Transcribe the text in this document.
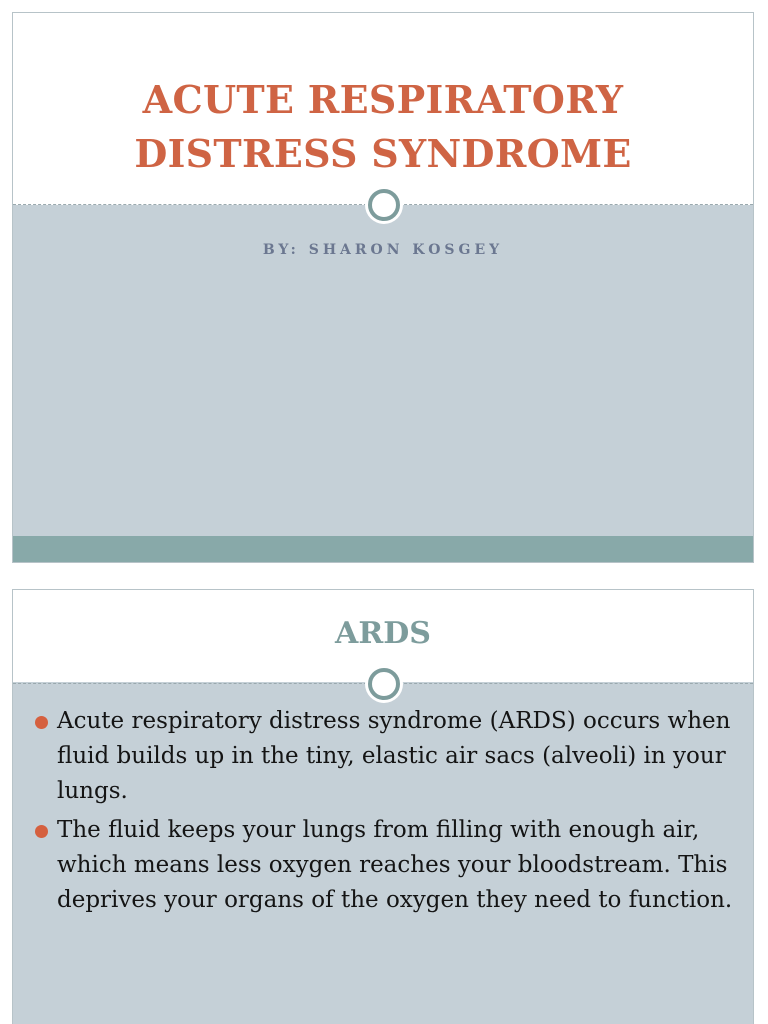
ACUTE RESPIRATORY
DISTRESS SYNDROME
BY: SHARON KOSGEY
ARDS
Acute respiratory distress syndrome (ARDS) occurs when fluid builds up in the tiny, elastic air sacs (alveoli) in your lungs.
The fluid keeps your lungs from filling with enough air, which means less oxygen reaches your bloodstream. This deprives your organs of the oxygen they need to function.
